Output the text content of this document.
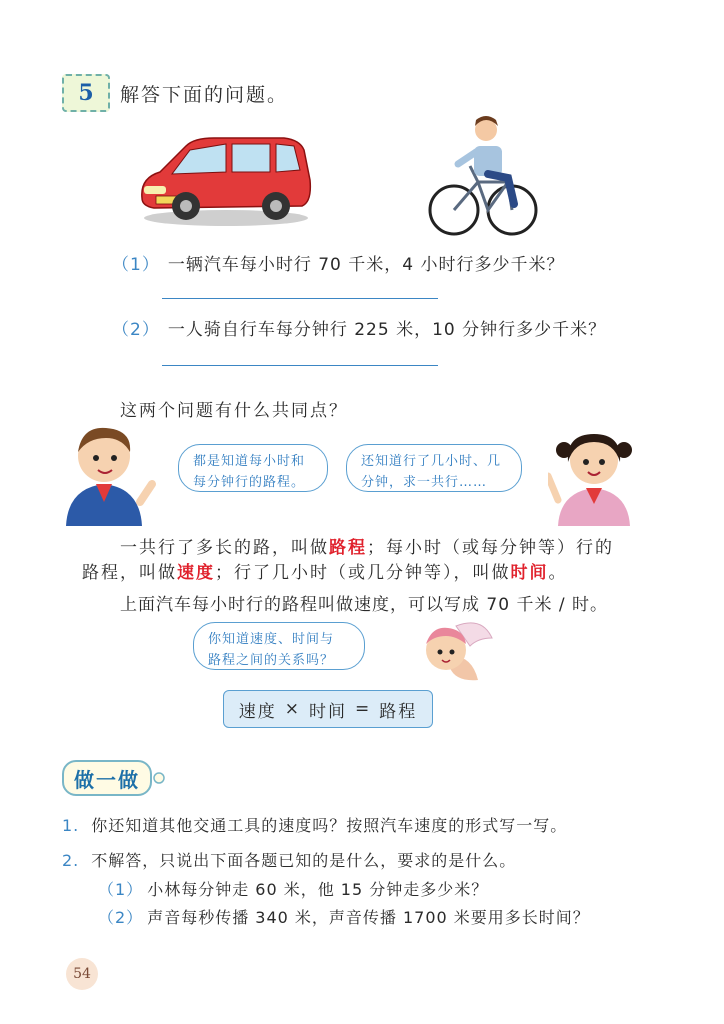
5 解答下面的问题。
（1） 一辆汽车每小时行 70 千米，4 小时行多少千米？
（2） 一人骑自行车每分钟行 225 米，10 分钟行多少千米？
这两个问题有什么共同点？
都是知道每小时和
每分钟行的路程。
还知道行了几小时、几
分钟，求一共行……
一共行了多长的路，叫做路程；每小时（或每分钟等）行的
路程，叫做速度；行了几小时（或几分钟等），叫做时间。
上面汽车每小时行的路程叫做速度，可以写成 70 千米 / 时。
你知道速度、时间与
路程之间的关系吗？
速度 × 时间 = 路程
做一做
1. 你还知道其他交通工具的速度吗？按照汽车速度的形式写一写。
2. 不解答，只说出下面各题已知的是什么，要求的是什么。
（1） 小林每分钟走 60 米，他 15 分钟走多少米？
（2） 声音每秒传播 340 米，声音传播 1700 米要用多长时间？
54
